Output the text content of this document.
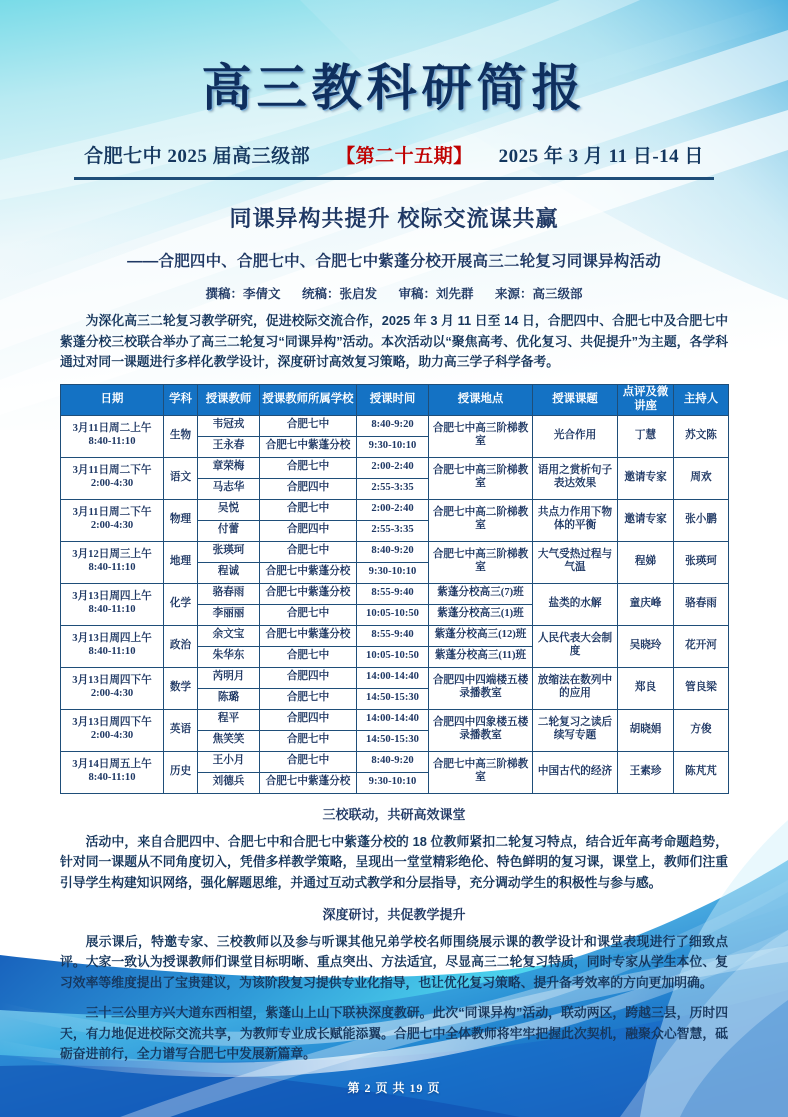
高三教科研简报
合肥七中 2025 届高三级部 【第二十五期】 2025 年 3 月 11 日-14 日
同课异构共提升 校际交流谋共赢
——合肥四中、合肥七中、合肥七中紫蓬分校开展高三二轮复习同课异构活动
撰稿：李倩文 统稿：张启发 审稿：刘先群 来源：高三级部
为深化高三二轮复习教学研究，促进校际交流合作，2025 年 3 月 11 日至 14 日，合肥四中、合肥七中及合肥七中紫蓬分校三校联合举办了高三二轮复习“同课异构”活动。本次活动以“聚焦高考、优化复习、共促提升”为主题，各学科通过对同一课题进行多样化教学设计，深度研讨高效复习策略，助力高三学子科学备考。
日期	学科	授课教师	授课教师所属学校	授课时间	授课地点	授课课题	点评及微讲座	主持人
3月11日周二上午
8:40-11:10	生物	韦冠戎	合肥七中	8:40-9:20	合肥七中高三阶梯教室	光合作用	丁慧	苏文陈
		王永春	合肥七中紫蓬分校	9:30-10:10				
3月11日周二下午
2:00-4:30	语文	章荣梅	合肥七中	2:00-2:40	合肥七中高三阶梯教室	语用之赏析句子表达效果	邀请专家	周欢
		马志华	合肥四中	2:55-3:35				
3月11日周二下午
2:00-4:30	物理	吴悦	合肥七中	2:00-2:40	合肥七中高二阶梯教室	共点力作用下物体的平衡	邀请专家	张小鹏
		付蕾	合肥四中	2:55-3:35				
3月12日周三上午
8:40-11:10	地理	张瑛珂	合肥七中	8:40-9:20	合肥七中高三阶梯教室	大气受热过程与气温	程娣	张瑛珂
		程诚	合肥七中紫蓬分校	9:30-10:10				
3月13日周四上午
8:40-11:10	化学	骆春雨	合肥七中紫蓬分校	8:55-9:40	紫蓬分校高三(7)班	盐类的水解	童庆峰	骆春雨
		李丽丽	合肥七中	10:05-10:50	紫蓬分校高三(1)班			
3月13日周四上午
8:40-11:10	政治	余文宝	合肥七中紫蓬分校	8:55-9:40	紫蓬分校高三(12)班	人民代表大会制度	吴晓玲	花开河
		朱华东	合肥七中	10:05-10:50	紫蓬分校高三(11)班			
3月13日周四下午
2:00-4:30	数学	芮明月	合肥四中	14:00-14:40	合肥四中四端楼五楼录播教室	放缩法在数列中的应用	郑良	管良梁
		陈璐	合肥七中	14:50-15:30				
3月13日周四下午
2:00-4:30	英语	程平	合肥四中	14:00-14:40	合肥四中四象楼五楼录播教室	二轮复习之读后续写专题	胡晓娟	方俊
		焦笑笑	合肥七中	14:50-15:30				
3月14日周五上午
8:40-11:10	历史	王小月	合肥七中	8:40-9:20	合肥七中高三阶梯教室	中国古代的经济	王素珍	陈芃芃
		刘德兵	合肥七中紫蓬分校	9:30-10:10				
三校联动，共研高效课堂
活动中，来自合肥四中、合肥七中和合肥七中紫蓬分校的 18 位教师紧扣二轮复习特点，结合近年高考命题趋势，针对同一课题从不同角度切入，凭借多样教学策略，呈现出一堂堂精彩绝伦、特色鲜明的复习课，课堂上，教师们注重引导学生构建知识网络，强化解题思维，并通过互动式教学和分层指导，充分调动学生的积极性与参与感。
深度研讨，共促教学提升
展示课后，特邀专家、三校教师以及参与听课其他兄弟学校名师围绕展示课的教学设计和课堂表现进行了细致点评。大家一致认为授课教师们课堂目标明晰、重点突出、方法适宜，尽显高三二轮复习特质，同时专家从学生本位、复习效率等维度提出了宝贵建议，为该阶段复习提供专业化指导，也让优化复习策略、提升备考效率的方向更加明确。
三十三公里方兴大道东西相望，紫蓬山上山下联袂深度教研。此次“同课异构”活动，联动两区，跨越三县，历时四天，有力地促进校际交流共享，为教师专业成长赋能添翼。合肥七中全体教师将牢牢把握此次契机，融聚众心智慧，砥砺奋进前行，全力谱写合肥七中发展新篇章。
第 2 页 共 19 页
